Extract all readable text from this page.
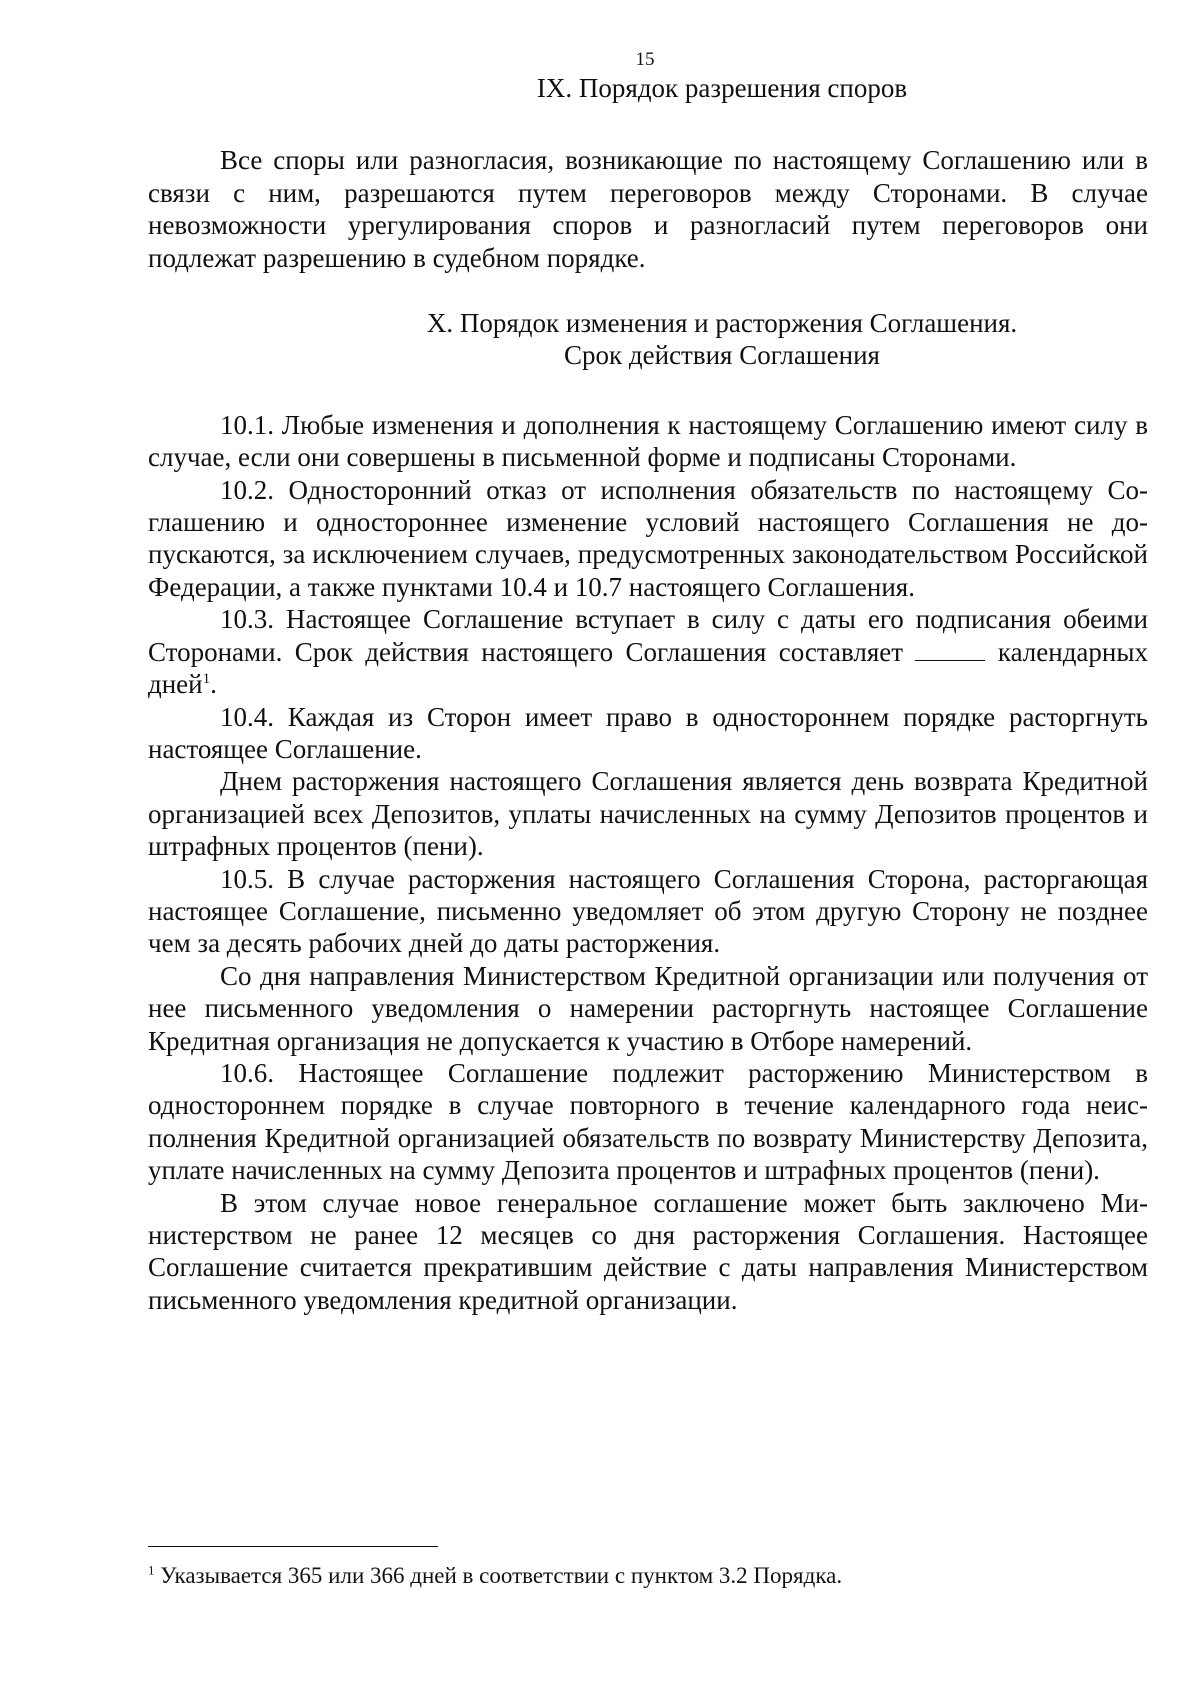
15
IX. Порядок разрешения споров

Все споры или разногласия, возникающие по настоящему Соглашению или в связи с ним, разрешаются путем переговоров между Сторонами. В случае невозможности урегулирования споров и разногласий путем переговоров они подлежат разрешению в судебном порядке.

X. Порядок изменения и расторжения Соглашения.
Срок действия Соглашения

10.1. Любые изменения и дополнения к настоящему Соглашению имеют силу в случае, если они совершены в письменной форме и подписаны Сторонами.

10.2. Односторонний отказ от исполнения обязательств по настоящему Соглашению и одностороннее изменение условий настоящего Соглашения не допускаются, за исключением случаев, предусмотренных законодательством Российской Федерации, а также пунктами 10.4 и 10.7 настоящего Соглашения.

10.3. Настоящее Соглашение вступает в силу с даты его подписания обеими Сторонами. Срок действия настоящего Соглашения составляет	календарных дней$^1$.

10.4. Каждая из Сторон имеет право в одностороннем порядке расторгнуть настоящее Соглашение.

Днем расторжения настоящего Соглашения является день возврата Кредитной организацией всех Депозитов, уплаты начисленных на сумму Депозитов процентов и штрафных процентов (пени).

10.5. В случае расторжения настоящего Соглашения Сторона, расторгающая настоящее Соглашение, письменно уведомляет об этом другую Сторону не позднее чем за десять рабочих дней до даты расторжения.

Со дня направления Министерством Кредитной организации или получения от нее письменного уведомления о намерении расторгнуть настоящее Соглашение Кредитная организация не допускается к участию в Отборе намерений.

10.6. Настоящее Соглашение подлежит расторжению Министерством в одностороннем порядке в случае повторного в течение календарного года неисполнения Кредитной организацией обязательств по возврату Министерству Депозита, уплате начисленных на сумму Депозита процентов и штрафных процентов (пени).

В этом случае новое генеральное соглашение может быть заключено Министерством не ранее 12 месяцев со дня расторжения Соглашения. Настоящее Соглашение считается прекратившим действие с даты направления Министерством письменного уведомления кредитной организации.

$^1$ Указывается 365 или 366 дней в соответствии с пунктом 3.2 Порядка.
